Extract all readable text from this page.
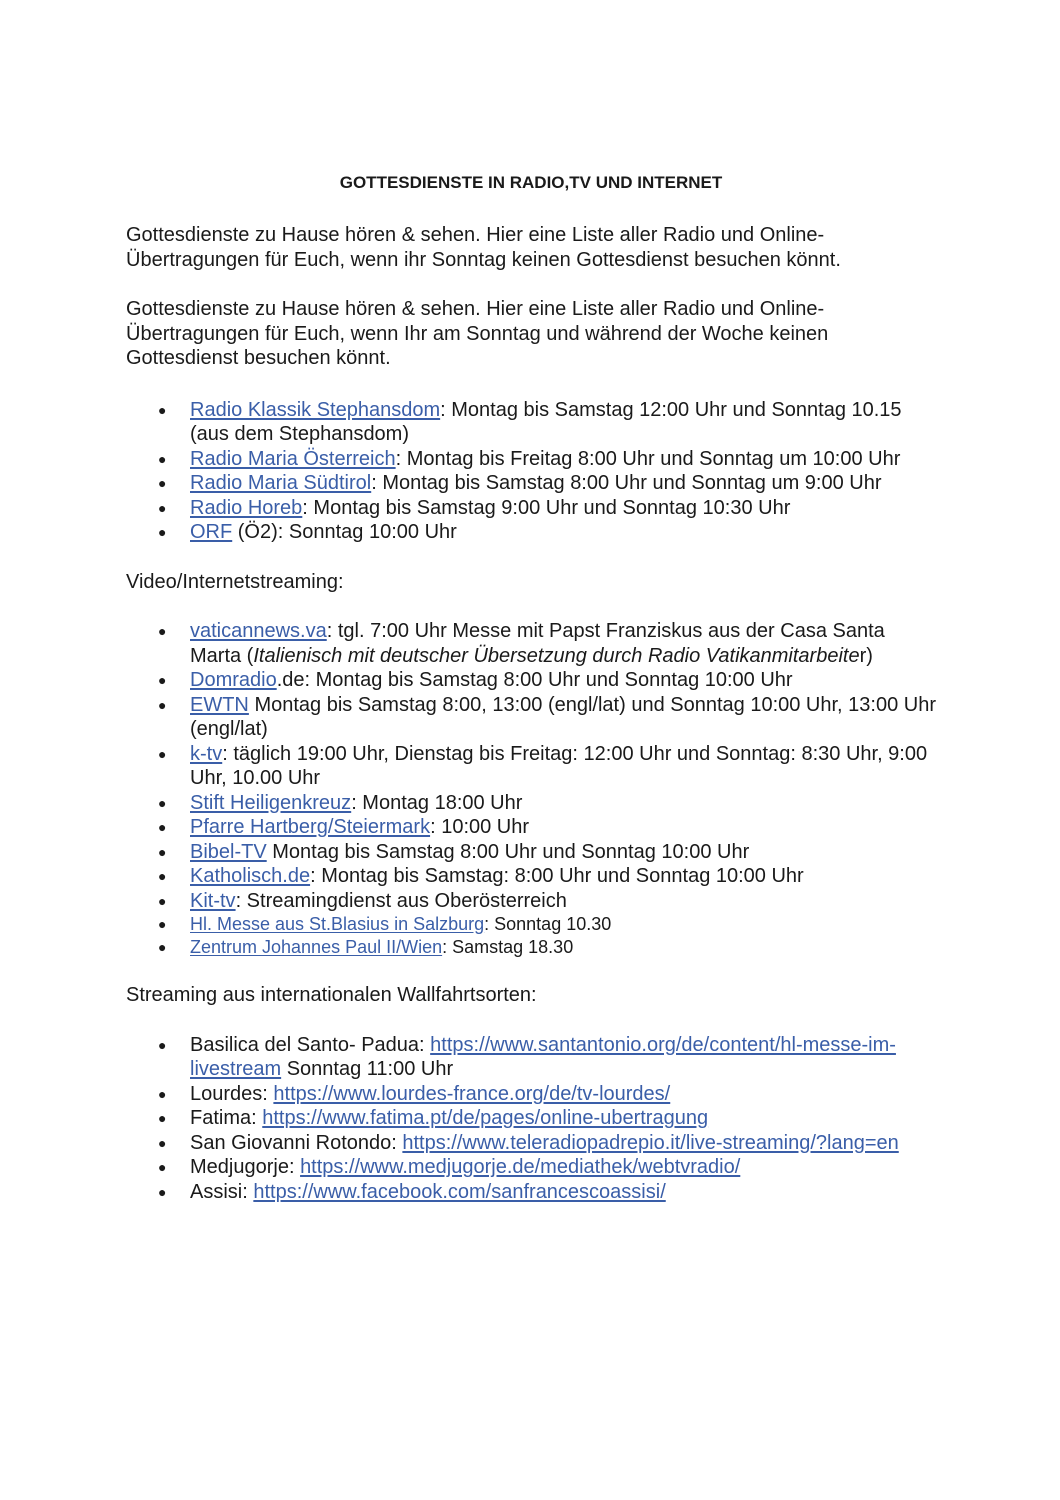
GOTTESDIENSTE IN RADIO,TV UND INTERNET
Gottesdienste zu Hause hören & sehen. Hier eine Liste aller Radio und Online-Übertragungen für Euch, wenn ihr Sonntag keinen Gottesdienst besuchen könnt.
Gottesdienste zu Hause hören & sehen. Hier eine Liste aller Radio und Online-Übertragungen für Euch, wenn Ihr am Sonntag und während der Woche keinen Gottesdienst besuchen könnt.
● Radio Klassik Stephansdom: Montag bis Samstag 12:00 Uhr und Sonntag 10.15 (aus dem Stephansdom)
● Radio Maria Österreich: Montag bis Freitag 8:00 Uhr und Sonntag um 10:00 Uhr
● Radio Maria Südtirol: Montag bis Samstag 8:00 Uhr und Sonntag um 9:00 Uhr
● Radio Horeb: Montag bis Samstag 9:00 Uhr und Sonntag 10:30 Uhr
● ORF (Ö2): Sonntag 10:00 Uhr
Video/Internetstreaming:
● vaticannews.va: tgl. 7:00 Uhr Messe mit Papst Franziskus aus der Casa Santa Marta (Italienisch mit deutscher Übersetzung durch Radio Vatikanmitarbeiter)
● Domradio.de: Montag bis Samstag 8:00 Uhr und Sonntag 10:00 Uhr
● EWTN Montag bis Samstag 8:00, 13:00 (engl/lat) und Sonntag 10:00 Uhr, 13:00 Uhr (engl/lat)
● k-tv: täglich 19:00 Uhr, Dienstag bis Freitag: 12:00 Uhr und Sonntag: 8:30 Uhr, 9:00 Uhr, 10.00 Uhr
● Stift Heiligenkreuz: Montag 18:00 Uhr
● Pfarre Hartberg/Steiermark: 10:00 Uhr
● Bibel-TV Montag bis Samstag 8:00 Uhr und Sonntag 10:00 Uhr
● Katholisch.de: Montag bis Samstag: 8:00 Uhr und Sonntag 10:00 Uhr
● Kit-tv: Streamingdienst aus Oberösterreich
● Hl. Messe aus St.Blasius in Salzburg: Sonntag 10.30
● Zentrum Johannes Paul II/Wien: Samstag 18.30
Streaming aus internationalen Wallfahrtsorten:
● Basilica del Santo- Padua: https://www.santantonio.org/de/content/hl-messe-im-livestream Sonntag 11:00 Uhr
● Lourdes: https://www.lourdes-france.org/de/tv-lourdes/
● Fatima: https://www.fatima.pt/de/pages/online-ubertragung
● San Giovanni Rotondo: https://www.teleradiopadrepio.it/live-streaming/?lang=en
● Medjugorje: https://www.medjugorje.de/mediathek/webtvradio/
● Assisi: https://www.facebook.com/sanfrancescoassisi/
